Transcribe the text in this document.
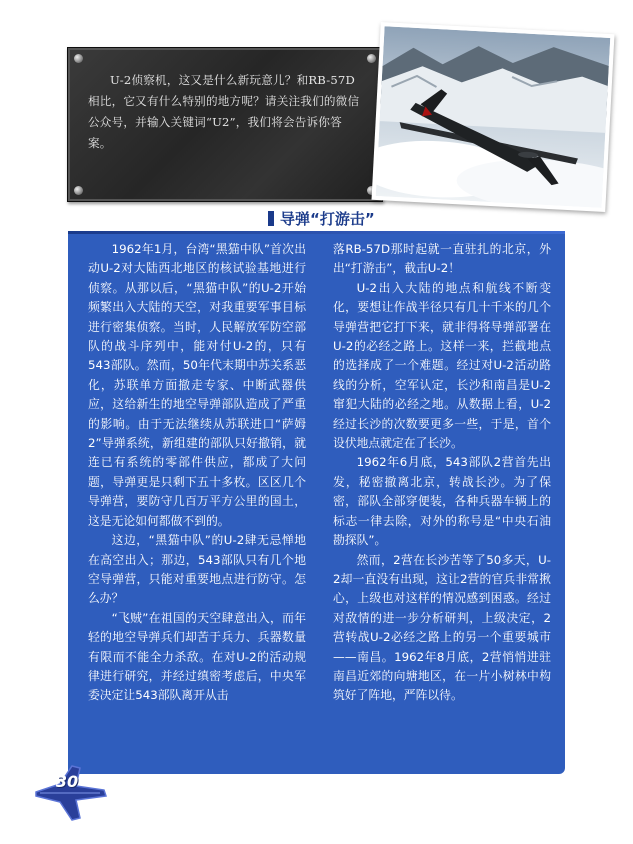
U-2侦察机，这又是什么新玩意儿？和RB-57D相比，它又有什么特别的地方呢？请关注我们的微信公众号，并输入关键词“U2”，我们将会告诉你答案。

导弹“打游击”

1962年1月，台湾“黑猫中队”首次出动U-2对大陆西北地区的核试验基地进行侦察。从那以后，“黑猫中队”的U-2开始频繁出入大陆的天空，对我重要军事目标进行密集侦察。当时，人民解放军防空部队的战斗序列中，能对付U-2的，只有543部队。然而，50年代末期中苏关系恶化，苏联单方面撤走专家、中断武器供应，这给新生的地空导弹部队造成了严重的影响。由于无法继续从苏联进口“萨姆2”导弹系统，新组建的部队只好撤销，就连已有系统的零部件供应，都成了大问题，导弹更是只剩下五十多枚。区区几个导弹营，要防守几百万平方公里的国土，这是无论如何都做不到的。

这边，“黑猫中队”的U-2肆无忌惮地在高空出入；那边，543部队只有几个地空导弹营，只能对重要地点进行防守。怎么办？

“飞贼”在祖国的天空肆意出入，而年轻的地空导弹兵们却苦于兵力、兵器数量有限而不能全力杀敌。在对U-2的活动规律进行研究，并经过缜密考虑后，中央军委决定让543部队离开从击

落RB-57D那时起就一直驻扎的北京，外出“打游击”，截击U-2！

U-2出入大陆的地点和航线不断变化，要想让作战半径只有几十千米的几个导弹营把它打下来，就非得将导弹部署在U-2的必经之路上。这样一来，拦截地点的选择成了一个难题。经过对U-2活动路线的分析，空军认定，长沙和南昌是U-2窜犯大陆的必经之地。从数据上看，U-2经过长沙的次数要更多一些，于是，首个设伏地点就定在了长沙。

1962年6月底，543部队2营首先出发，秘密撤离北京，转战长沙。为了保密，部队全部穿便装，各种兵器车辆上的标志一律去除，对外的称号是“中央石油勘探队”。

然而，2营在长沙苦等了50多天，U-2却一直没有出现，这让2营的官兵非常揪心，上级也对这样的情况感到困惑。经过对敌情的进一步分析研判，上级决定，2营转战U-2必经之路上的另一个重要城市——南昌。1962年8月底，2营悄悄进驻南昌近郊的向塘地区，在一片小树林中构筑好了阵地，严阵以待。

30
